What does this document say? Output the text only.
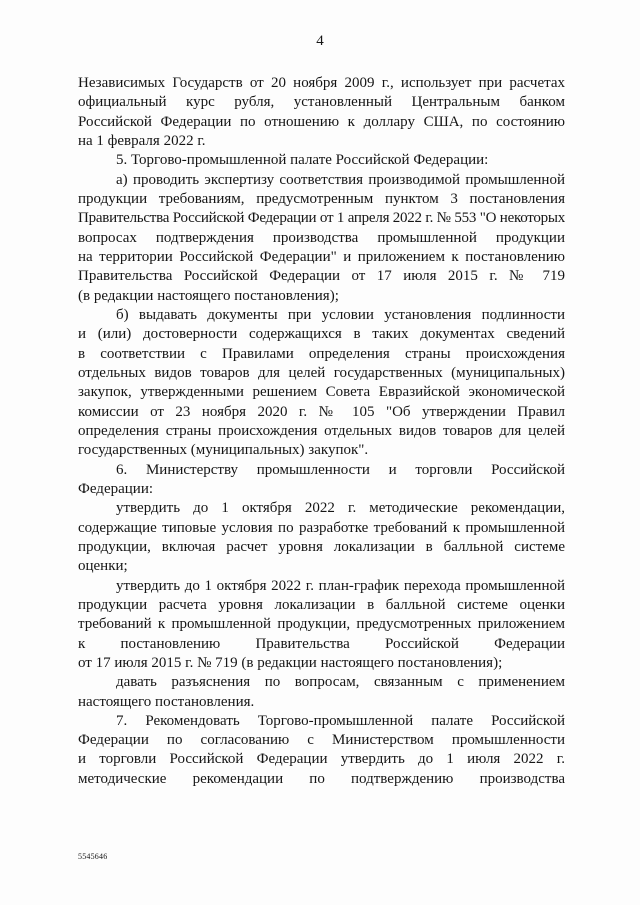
4
Независимых Государств от 20 ноября 2009 г., использует при расчетах
официальный курс рубля, установленный Центральным банком
Российской Федерации по отношению к доллару США, по состоянию
на 1 февраля 2022 г.
5. Торгово-промышленной палате Российской Федерации:
а) проводить экспертизу соответствия производимой промышленной
продукции требованиям, предусмотренным пунктом 3 постановления
Правительства Российской Федерации от 1 апреля 2022 г. № 553 "О некоторых
вопросах подтверждения производства промышленной продукции
на территории Российской Федерации" и приложением к постановлению
Правительства Российской Федерации от 17 июля 2015 г. № 719
(в редакции настоящего постановления);
б) выдавать документы при условии установления подлинности
и (или) достоверности содержащихся в таких документах сведений
в соответствии с Правилами определения страны происхождения
отдельных видов товаров для целей государственных (муниципальных)
закупок, утвержденными решением Совета Евразийской экономической
комиссии от 23 ноября 2020 г. № 105 "Об утверждении Правил
определения страны происхождения отдельных видов товаров для целей
государственных (муниципальных) закупок".
6. Министерству промышленности и торговли Российской
Федерации:
утвердить до 1 октября 2022 г. методические рекомендации,
содержащие типовые условия по разработке требований к промышленной
продукции, включая расчет уровня локализации в балльной системе
оценки;
утвердить до 1 октября 2022 г. план-график перехода промышленной
продукции расчета уровня локализации в балльной системе оценки
требований к промышленной продукции, предусмотренных приложением
к постановлению Правительства Российской Федерации
от 17 июля 2015 г. № 719 (в редакции настоящего постановления);
давать разъяснения по вопросам, связанным с применением
настоящего постановления.
7. Рекомендовать Торгово-промышленной палате Российской
Федерации по согласованию с Министерством промышленности
и торговли Российской Федерации утвердить до 1 июля 2022 г.
методические рекомендации по подтверждению производства
5545646
